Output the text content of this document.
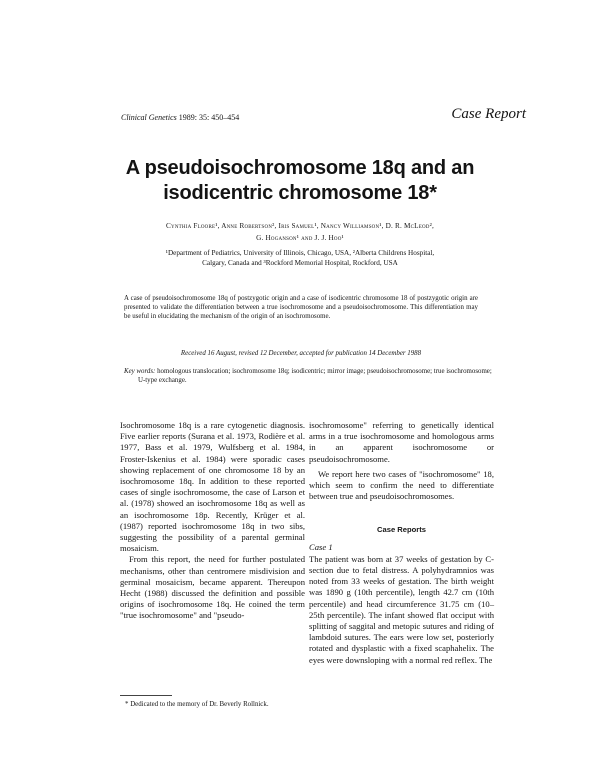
Clinical Genetics 1989: 35: 450–454	Case Report
A pseudoisochromosome 18q and an
isodicentric chromosome 18*
Cynthia Floore¹, Anne Robertson², Iris Samuel¹, Nancy Williamson¹, D. R. McLeod²,
G. Hoganson¹ and J. J. Hoo¹
¹Department of Pediatrics, University of Illinois, Chicago, USA, ²Alberta Childrens Hospital,
Calgary, Canada and ³Rockford Memorial Hospital, Rockford, USA
A case of pseudoisochromosome 18q of postzygotic origin and a case of isodicentric chromosome 18 of postzygotic origin are presented to validate the differentiation between a true isochromosome and a pseudoisochromosome. This differentiation may be useful in elucidating the mechanism of the origin of an isochromosome.
Received 16 August, revised 12 December, accepted for publication 14 December 1988
Key words: homologous translocation; isochromosome 18q; isodicentric; mirror image; pseudoisochromosome; true isochromosome; U-type exchange.

Isochromosome 18q is a rare cytogenetic diagnosis. Five earlier reports (Surana et al. 1973, Rodière et al. 1977, Bass et al. 1979, Wulfsberg et al. 1984, Froster-Iskenius et al. 1984) were sporadic cases showing replacement of one chromosome 18 by an isochromosome 18q. In addition to these reported cases of single isochromosome, the case of Larson et al. (1978) showed an isochromosome 18q as well as an isochromosome 18p. Recently, Krüger et al. (1987) reported isochromosome 18q in two sibs, suggesting the possibility of a parental germinal mosaicism.

From this report, the need for further postulated mechanisms, other than centromere misdivision and germinal mosaicism, became apparent. Thereupon Hecht (1988) discussed the definition and possible origins of isochromosome 18q. He coined the term "true isochromosome" and "pseudo-

* Dedicated to the memory of Dr. Beverly Rollnick.

isochromosome" referring to genetically identical arms in a true isochromosome and homologous arms in an apparent isochromosome or pseudoisochromosome.

We report here two cases of "isochromosome" 18, which seem to confirm the need to differentiate between true and pseudoisochromosomes.

Case Reports

Case 1

The patient was born at 37 weeks of gestation by C-section due to fetal distress. A polyhydramnios was noted from 33 weeks of gestation. The birth weight was 1890 g (10th percentile), length 42.7 cm (10th percentile) and head circumference 31.75 cm (10–25th percentile). The infant showed flat occiput with splitting of saggital and metopic sutures and riding of lambdoid sutures. The ears were low set, posteriorly rotated and dysplastic with a fixed scaphahelix. The eyes were downsloping with a normal red reflex. The
